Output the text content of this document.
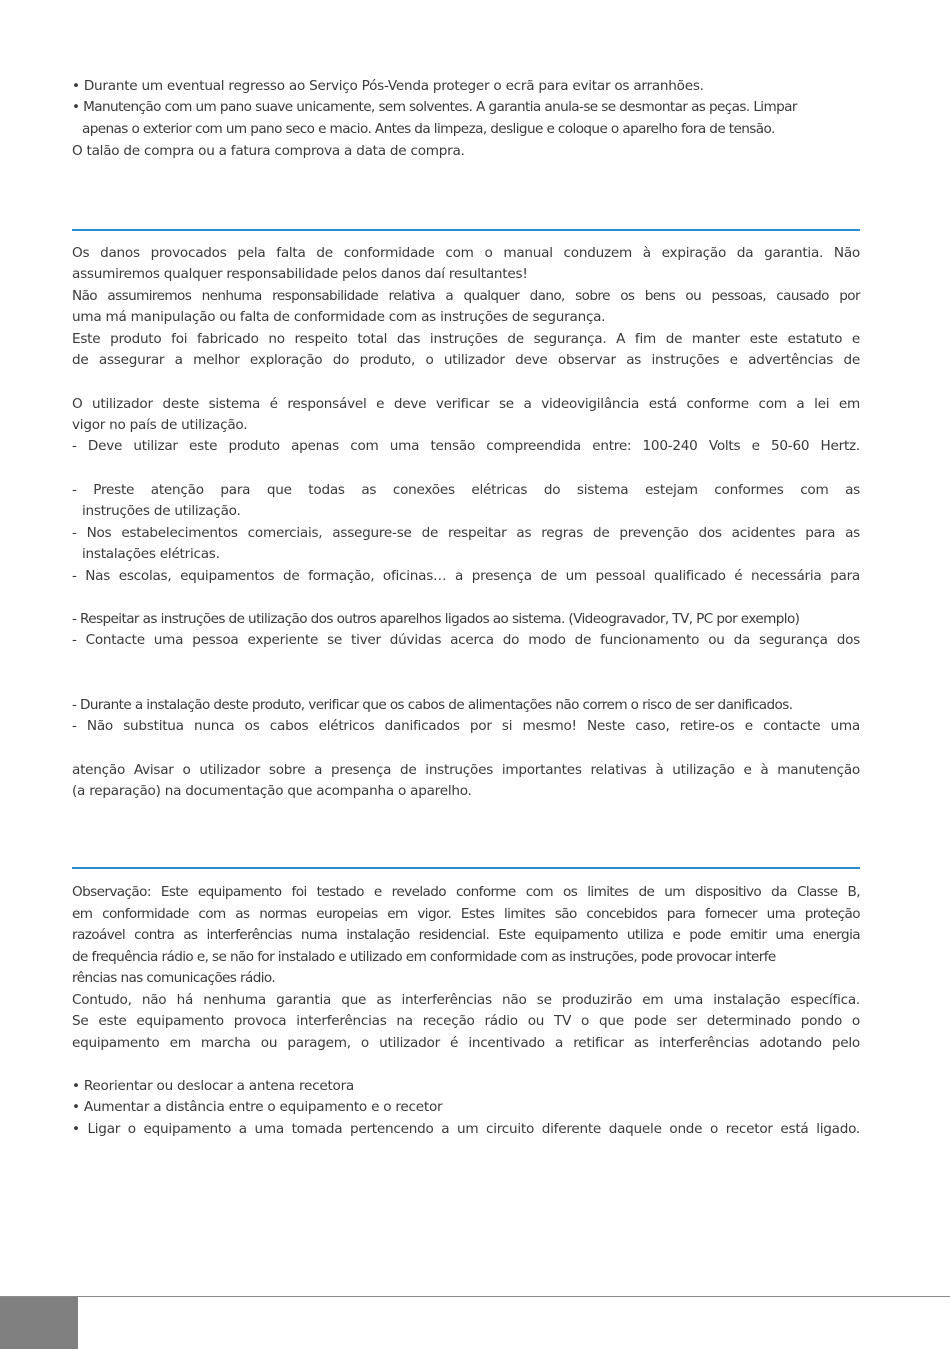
• Durante um eventual regresso ao Serviço Pós-Venda proteger o ecrã para evitar os arranhões.
• Manutenção com um pano suave unicamente, sem solventes. A garantia anula-se se desmontar as peças. Limpar
apenas o exterior com um pano seco e macio. Antes da limpeza, desligue e coloque o aparelho fora de tensão.
O talão de compra ou a fatura comprova a data de compra.
Os danos provocados pela falta de conformidade com o manual conduzem à expiração da garantia. Não
assumiremos qualquer responsabilidade pelos danos daí resultantes!
Não assumiremos nenhuma responsabilidade relativa a qualquer dano, sobre os bens ou pessoas, causado por
uma má manipulação ou falta de conformidade com as instruções de segurança.
Este produto foi fabricado no respeito total das instruções de segurança. A fim de manter este estatuto e
de assegurar a melhor exploração do produto, o utilizador deve observar as instruções e advertências de
O utilizador deste sistema é responsável e deve verificar se a videovigilância está conforme com a lei em
vigor no país de utilização.
- Deve utilizar este produto apenas com uma tensão compreendida entre: 100-240 Volts e 50-60 Hertz.
- Preste atenção para que todas as conexões elétricas do sistema estejam conformes com as
instruções de utilização.
- Nos estabelecimentos comerciais, assegure-se de respeitar as regras de prevenção dos acidentes para as
instalações elétricas.
- Nas escolas, equipamentos de formação, oficinas… a presença de um pessoal qualificado é necessária para
- Respeitar as instruções de utilização dos outros aparelhos ligados ao sistema. (Videogravador, TV, PC por exemplo)
- Contacte uma pessoa experiente se tiver dúvidas acerca do modo de funcionamento ou da segurança dos
- Durante a instalação deste produto, verificar que os cabos de alimentações não correm o risco de ser danificados.
- Não substitua nunca os cabos elétricos danificados por si mesmo! Neste caso, retire-os e contacte uma
atenção Avisar o utilizador sobre a presença de instruções importantes relativas à utilização e à manutenção
(a reparação) na documentação que acompanha o aparelho.
Observação: Este equipamento foi testado e revelado conforme com os limites de um dispositivo da Classe B,
em conformidade com as normas europeias em vigor. Estes limites são concebidos para fornecer uma proteção
razoável contra as interferências numa instalação residencial. Este equipamento utiliza e pode emitir uma energia
de frequência rádio e, se não for instalado e utilizado em conformidade com as instruções, pode provocar interfe
rências nas comunicações rádio.
Contudo, não há nenhuma garantia que as interferências não se produzirão em uma instalação específica.
Se este equipamento provoca interferências na receção rádio ou TV o que pode ser determinado pondo o
equipamento em marcha ou paragem, o utilizador é incentivado a retificar as interferências adotando pelo
• Reorientar ou deslocar a antena recetora
• Aumentar a distância entre o equipamento e o recetor
• Ligar o equipamento a uma tomada pertencendo a um circuito diferente daquele onde o recetor está ligado.
